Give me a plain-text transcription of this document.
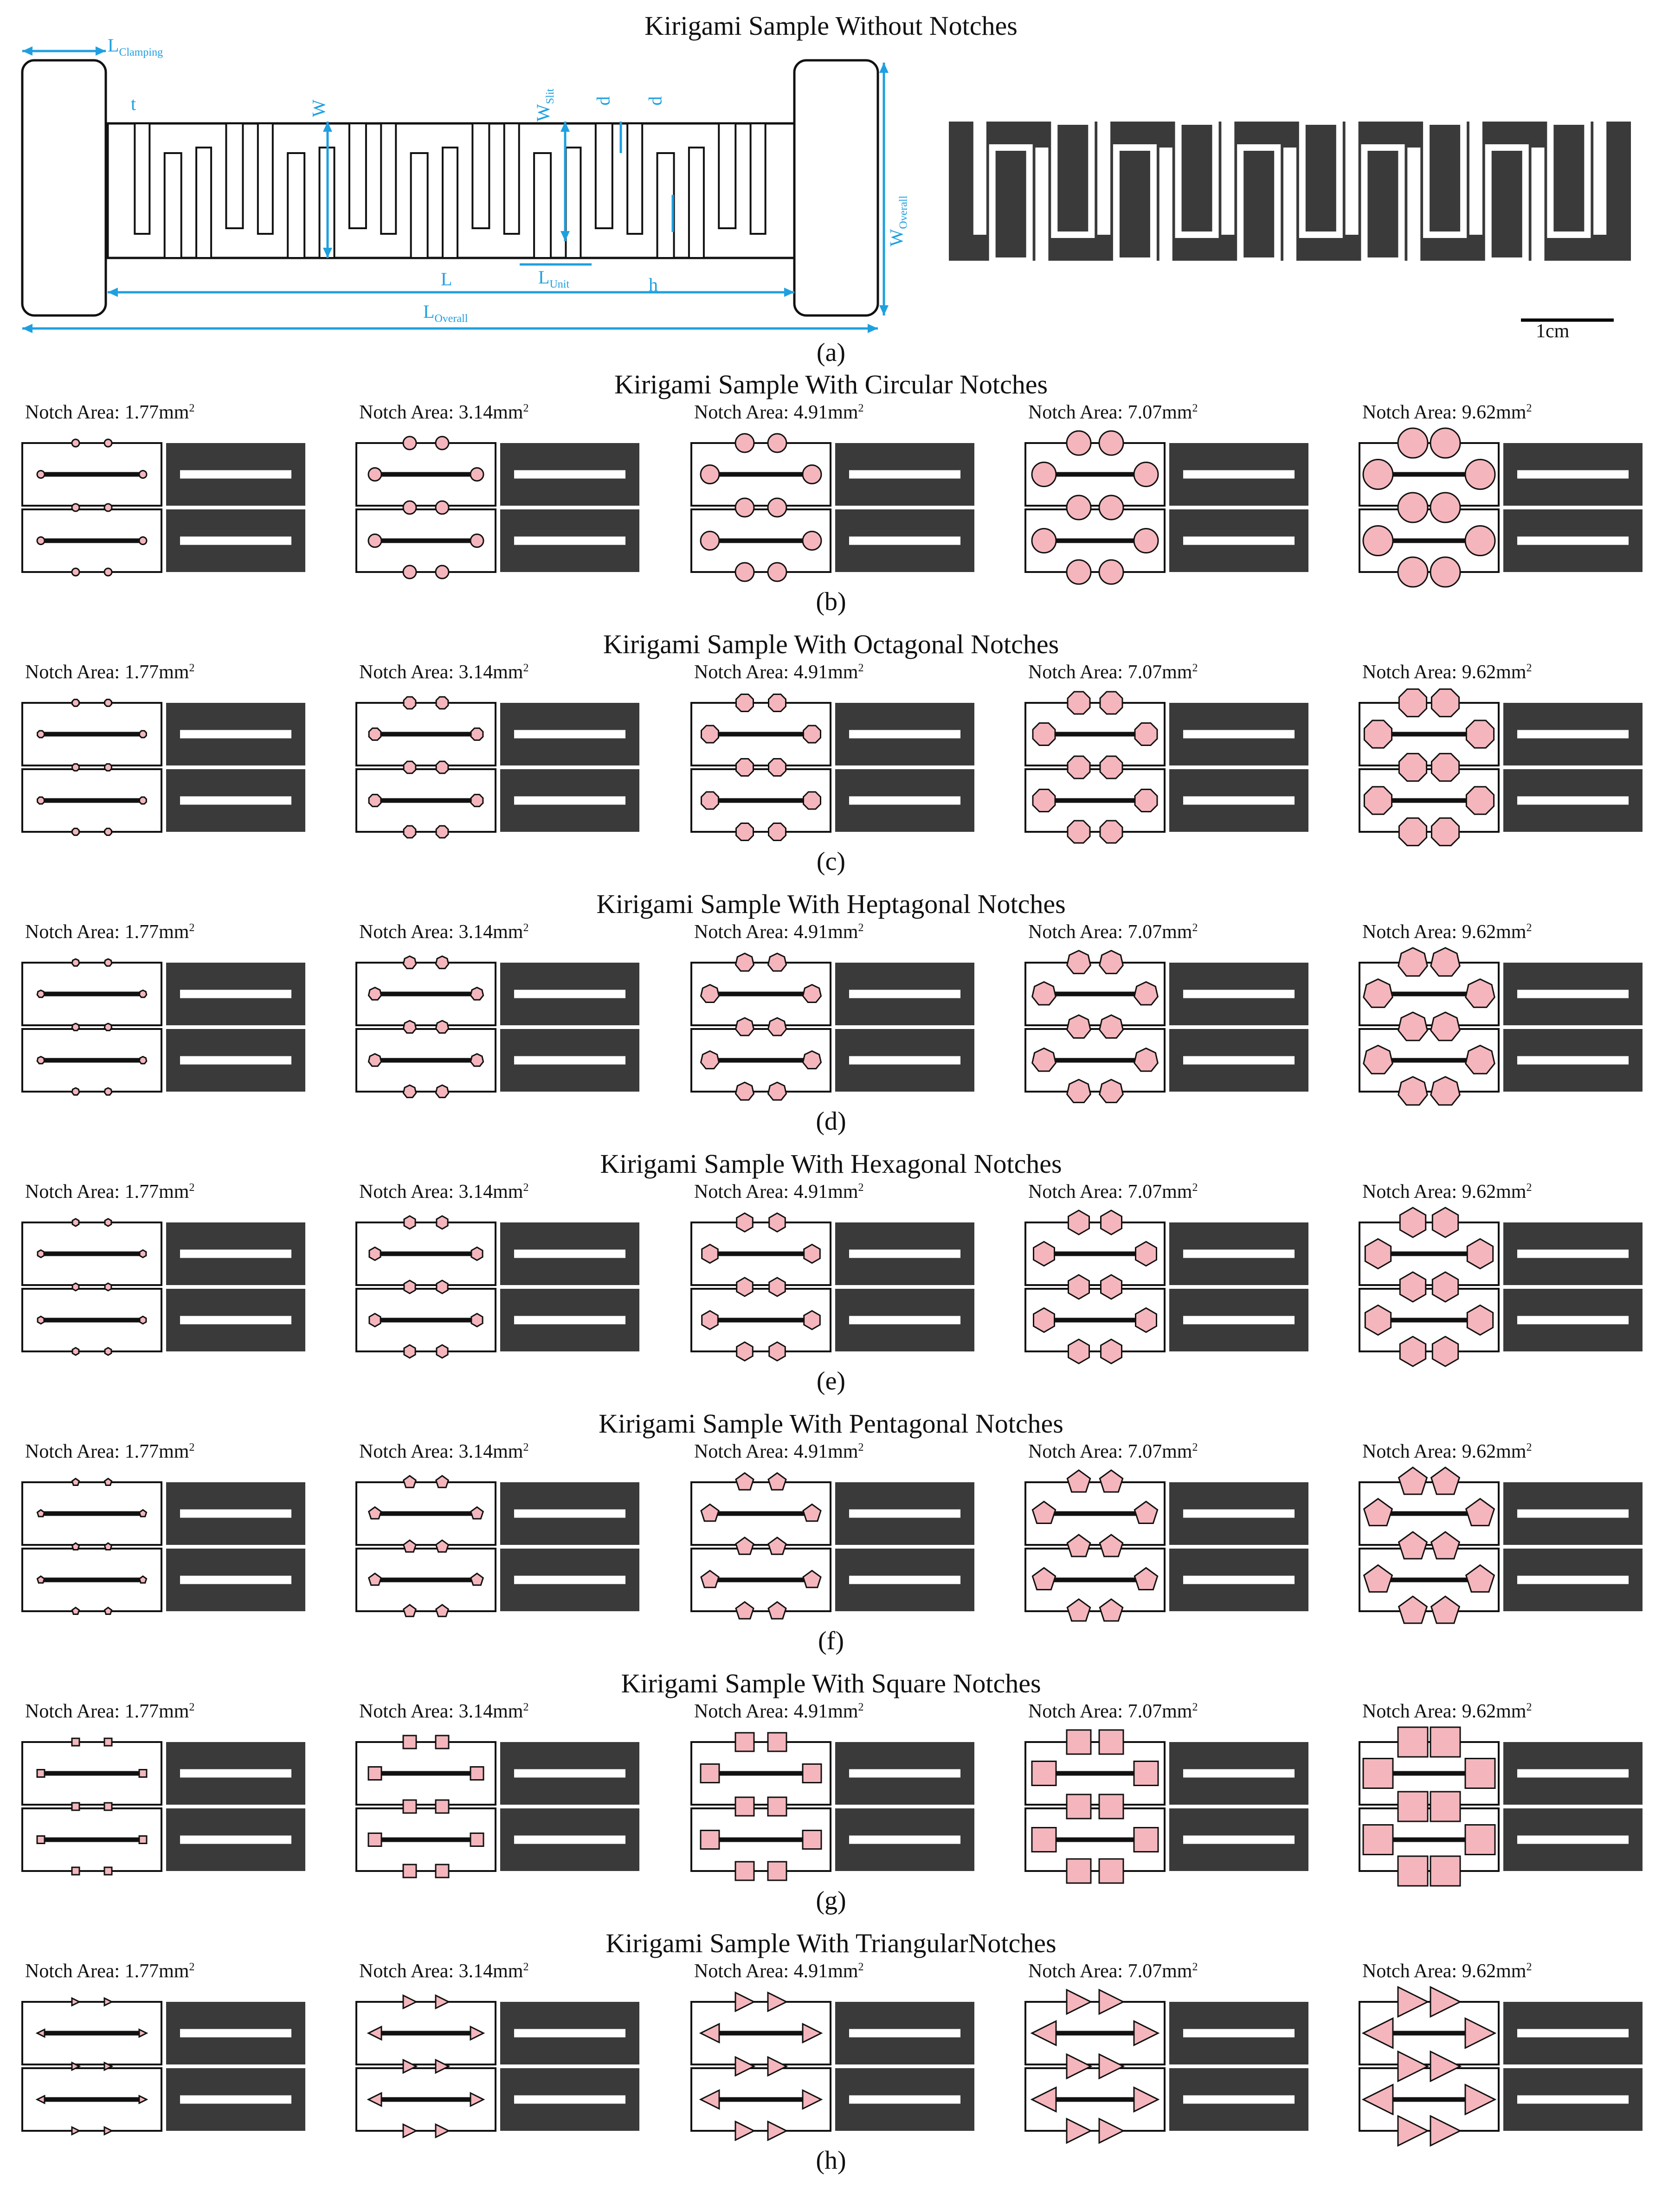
Kirigami Sample Without Notches
(a)
1cm
$L_{Clamping}$
t	W	$W_{Slit}$ d d
$W_{Overall}$
L	$L_{Unit}$	h
$L_{Overall}$
Kirigami Sample With Circular Notches
(b)
Notch Area: $1.77mm^2$	Notch Area: $3.14mm^2$	Notch Area: $4.91mm^2$	Notch Area: $7.07mm^2$	Notch Area: $9.62mm^2$
Kirigami Sample With Octagonal Notches
(c)
Notch Area: $1.77mm^2$	Notch Area: $3.14mm^2$	Notch Area: $4.91mm^2$	Notch Area: $7.07mm^2$	Notch Area: $9.62mm^2$
Kirigami Sample With Heptagonal Notches
(d)
Notch Area: $1.77mm^2$	Notch Area: $3.14mm^2$	Notch Area: $4.91mm^2$	Notch Area: $7.07mm^2$	Notch Area: $9.62mm^2$
Kirigami Sample With Hexagonal Notches
(e)
Notch Area: $1.77mm^2$	Notch Area: $3.14mm^2$	Notch Area: $4.91mm^2$	Notch Area: $7.07mm^2$	Notch Area: $9.62mm^2$
Kirigami Sample With Pentagonal Notches
(f)
Notch Area: $1.77mm^2$	Notch Area: $3.14mm^2$	Notch Area: $4.91mm^2$	Notch Area: $7.07mm^2$	Notch Area: $9.62mm^2$
Kirigami Sample With Square Notches
(g)
Notch Area: $1.77mm^2$	Notch Area: $3.14mm^2$	Notch Area: $4.91mm^2$	Notch Area: $7.07mm^2$	Notch Area: $9.62mm^2$
Kirigami Sample With TriangularNotches
(h)
Notch Area: $1.77mm^2$	Notch Area: $3.14mm^2$	Notch Area: $4.91mm^2$	Notch Area: $7.07mm^2$	Notch Area: $9.62mm^2$
